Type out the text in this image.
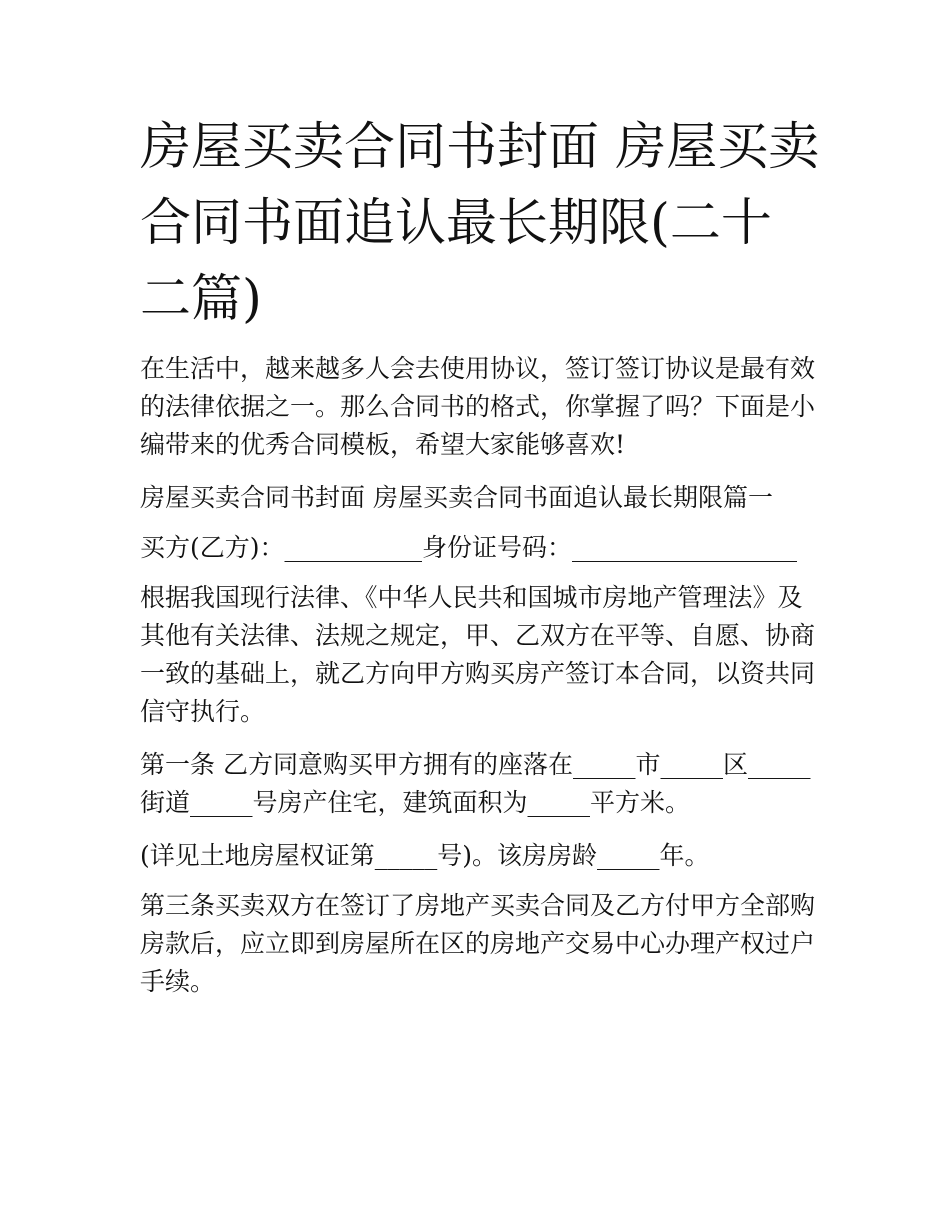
房屋买卖合同书封面 房屋买卖合同书面追认最长期限(二十二篇)

在生活中，越来越多人会去使用协议，签订签订协议是最有效的法律依据之一。那么合同书的格式，你掌握了吗？下面是小编带来的优秀合同模板，希望大家能够喜欢!

房屋买卖合同书封面 房屋买卖合同书面追认最长期限篇一

买方(乙方)：___________身份证号码：__________________

根据我国现行法律、《中华人民共和国城市房地产管理法》及其他有关法律、法规之规定，甲、乙双方在平等、自愿、协商一致的基础上，就乙方向甲方购买房产签订本合同，以资共同信守执行。

第一条 乙方同意购买甲方拥有的座落在_____市_____区_____街道_____号房产住宅，建筑面积为_____平方米。

(详见土地房屋权证第_____号)。该房房龄_____年。

第三条买卖双方在签订了房地产买卖合同及乙方付甲方全部购房款后，应立即到房屋所在区的房地产交易中心办理产权过户手续。
